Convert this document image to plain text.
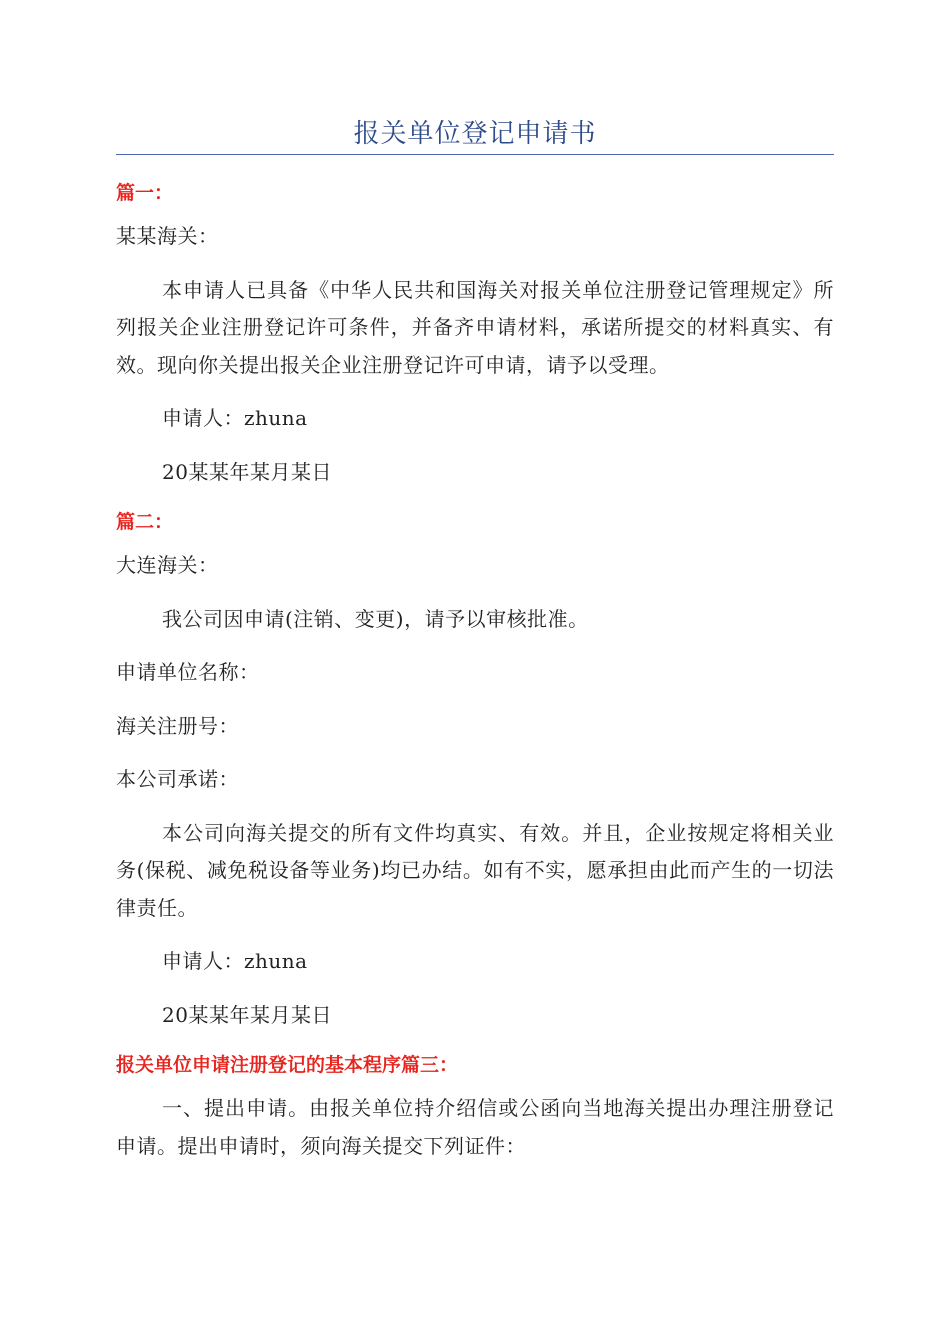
报关单位登记申请书

篇一：

某某海关：

本申请人已具备《中华人民共和国海关对报关单位注册登记管理规定》所列报关企业注册登记许可条件，并备齐申请材料，承诺所提交的材料真实、有效。现向你关提出报关企业注册登记许可申请，请予以受理。

申请人：zhuna

20某某年某月某日

篇二：

大连海关：

我公司因申请(注销、变更)，请予以审核批准。

申请单位名称：

海关注册号：

本公司承诺：

本公司向海关提交的所有文件均真实、有效。并且，企业按规定将相关业务(保税、减免税设备等业务)均已办结。如有不实，愿承担由此而产生的一切法律责任。

申请人：zhuna

20某某年某月某日

报关单位申请注册登记的基本程序篇三：

一、提出申请。由报关单位持介绍信或公函向当地海关提出办理注册登记申请。提出申请时，须向海关提交下列证件：
